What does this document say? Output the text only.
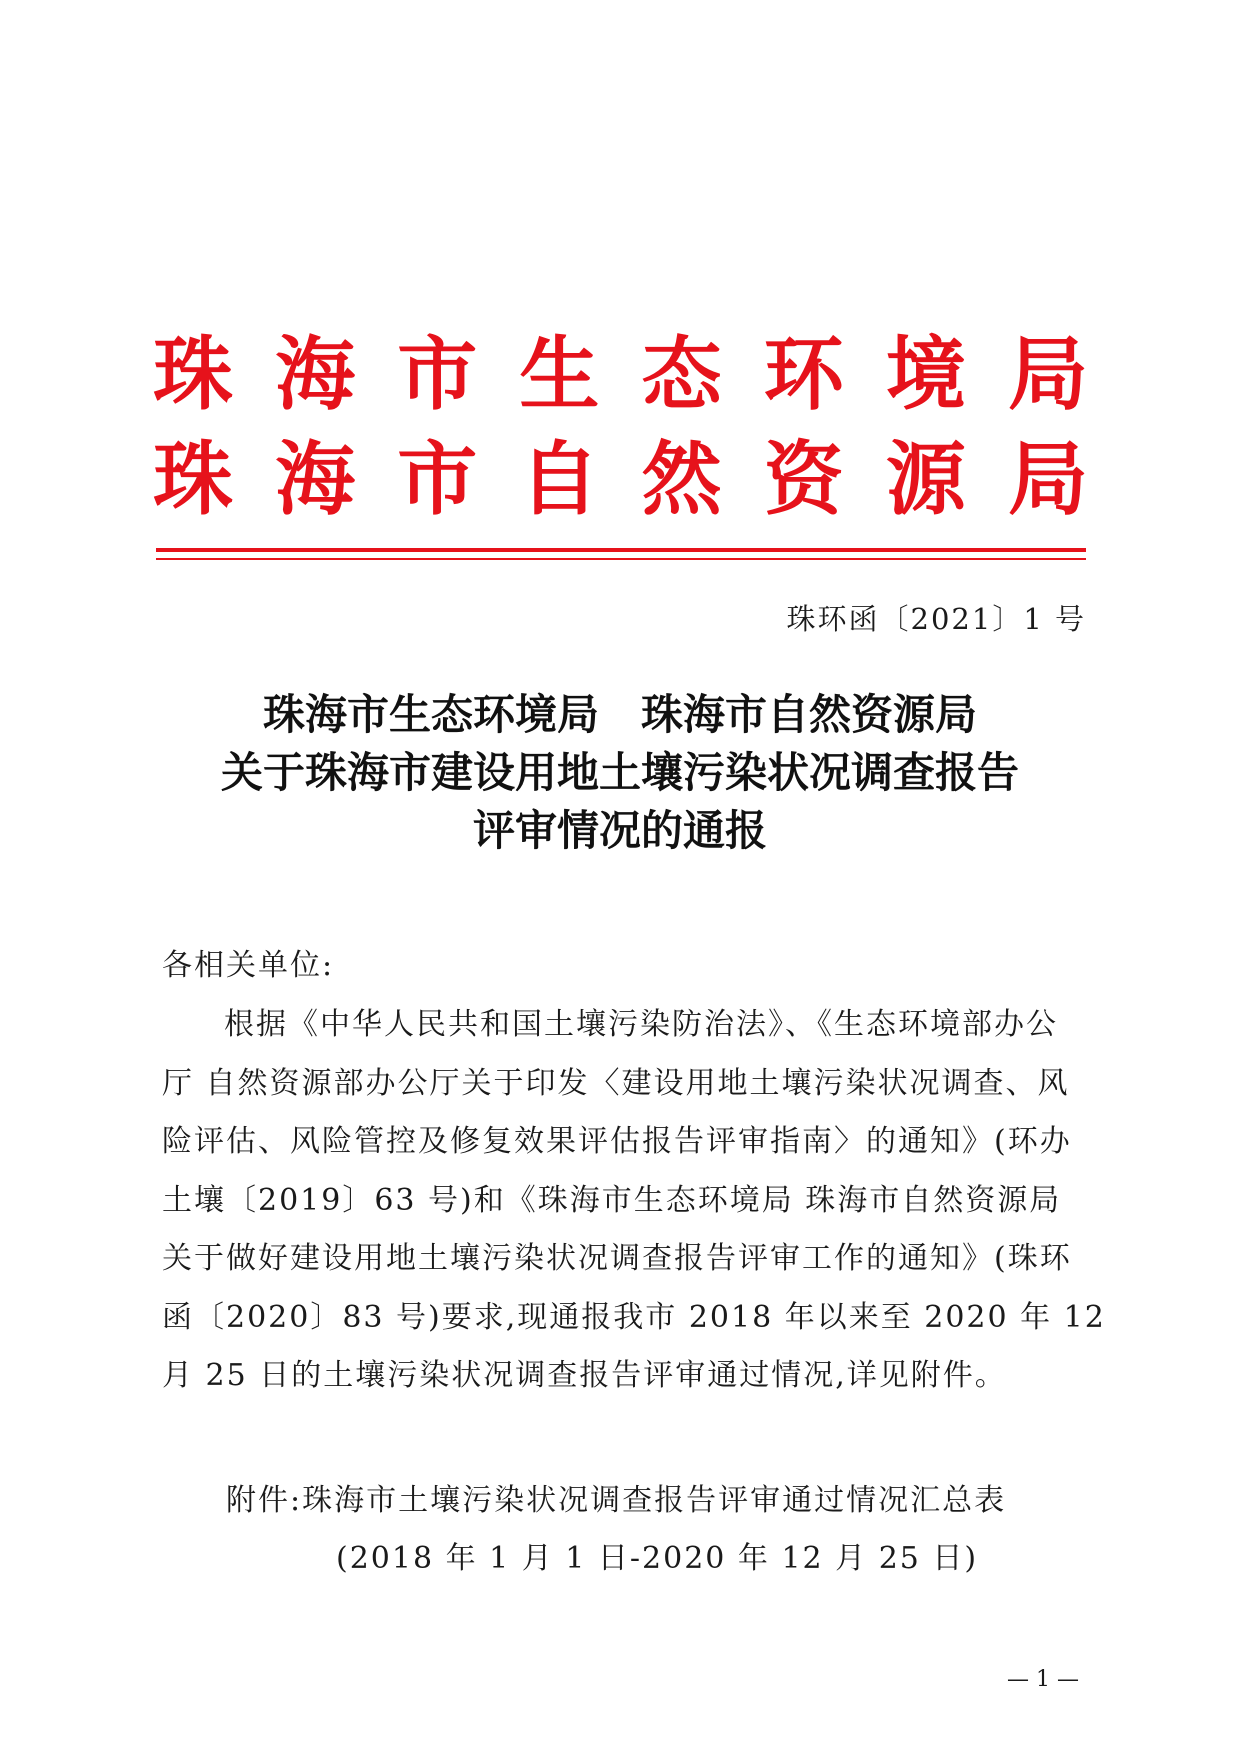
珠 海 市 生 态 环 境 局
珠 海 市 自 然 资 源 局
珠环函〔2021〕1 号
珠海市生态环境局　珠海市自然资源局
关于珠海市建设用地土壤污染状况调查报告
评审情况的通报
各相关单位:
根据《中华人民共和国土壤污染防治法》、《生态环境部办公
厅 自然资源部办公厅关于印发〈建设用地土壤污染状况调查、风
险评估、风险管控及修复效果评估报告评审指南〉的通知》(环办
土壤〔2019〕63 号)和《珠海市生态环境局 珠海市自然资源局
关于做好建设用地土壤污染状况调查报告评审工作的通知》(珠环
函〔2020〕83 号)要求,现通报我市 2018 年以来至 2020 年 12
月 25 日的土壤污染状况调查报告评审通过情况,详见附件。
附件:珠海市土壤污染状况调查报告评审通过情况汇总表
(2018 年 1 月 1 日-2020 年 12 月 25 日)
— 1 —
